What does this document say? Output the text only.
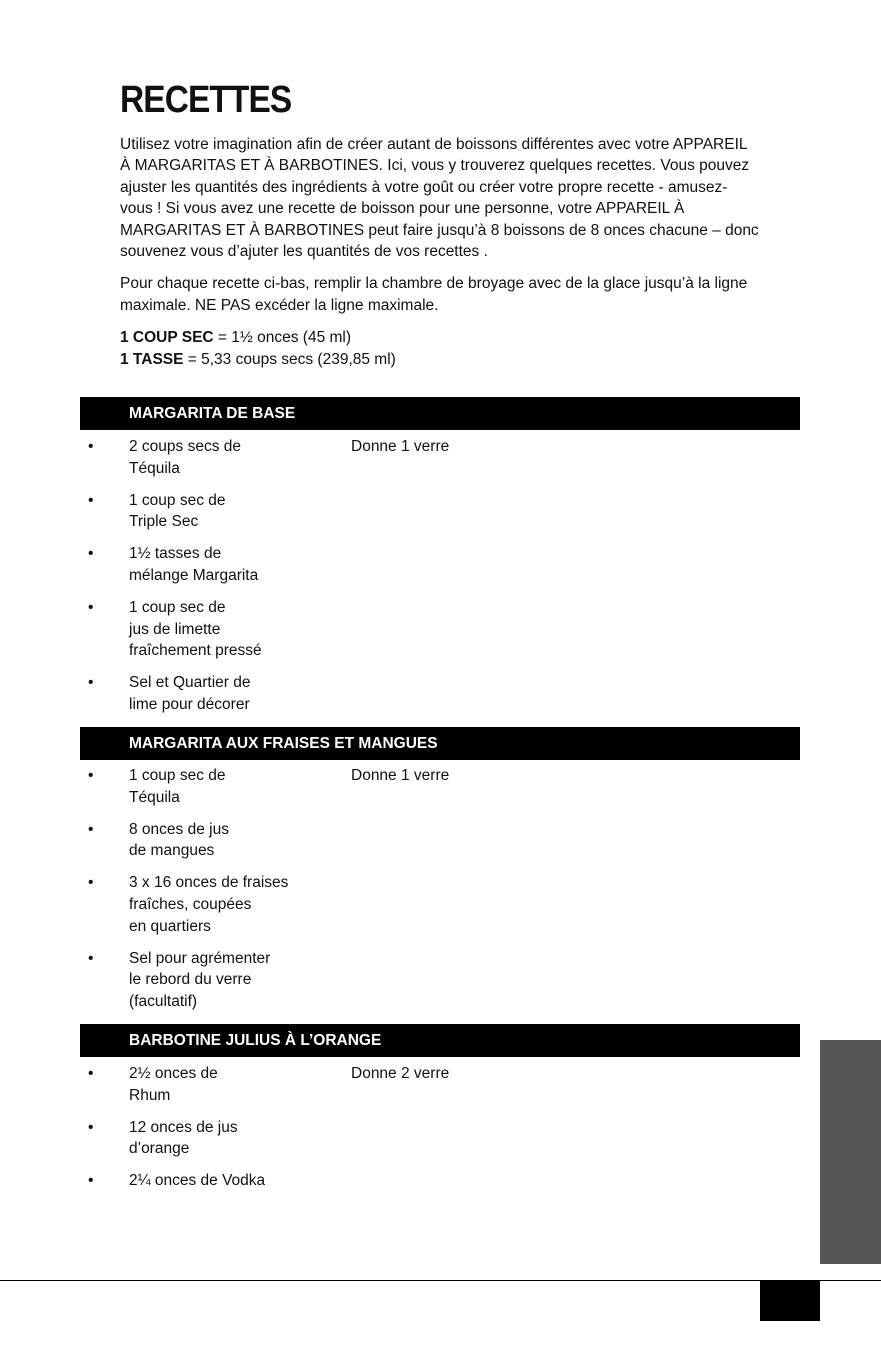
RECETTES

Utilisez votre imagination afin de créer autant de boissons différentes avec votre APPAREIL À MARGARITAS ET À BARBOTINES. Ici, vous y trouverez quelques recettes. Vous pouvez ajuster les quantités des ingrédients à votre goût ou créer votre propre recette - amusez-vous ! Si vous avez une recette de boisson pour une personne, votre APPAREIL À MARGARITAS ET À BARBOTINES peut faire jusqu’à 8 boissons de 8 onces chacune – donc souvenez vous d’ajuter les quantités de vos recettes .

Pour chaque recette ci-bas, remplir la chambre de broyage avec de la glace jusqu’à la ligne maximale. NE PAS excéder la ligne maximale.

1 COUP SEC = 1½ onces (45 ml)
1 TASSE = 5,33 coups secs (239,85 ml)
MARGARITA DE BASE
Donne 1 verre
• 2 coups secs de
Téquila
• 1 coup sec de
Triple Sec
• 1½ tasses de
mélange Margarita
• 1 coup sec de
jus de limette
fraîchement pressé
• Sel et Quartier de
lime pour décorer
MARGARITA AUX FRAISES ET MANGUES
Donne 1 verre
• 1 coup sec de
Téquila
• 8 onces de jus
de mangues
• 3 x 16 onces de fraises
fraîches, coupées
en quartiers
• Sel pour agrémenter
le rebord du verre
(facultatif)
BARBOTINE JULIUS À L’ORANGE
Donne 2 verre
• 2½ onces de
Rhum
• 12 onces de jus
d’orange
• 2¼ onces de Vodka
